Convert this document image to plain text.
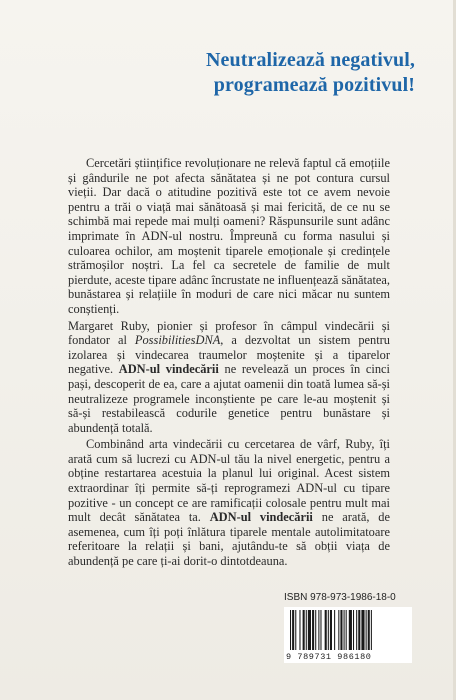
Neutralizează negativul,
programează pozitivul!

Cercetări științifice revoluționare ne relevă faptul că emoțiile și gândurile ne pot afecta sănătatea și ne pot contura cursul vieții. Dar dacă o atitudine pozitivă este tot ce avem nevoie pentru a trăi o viață mai sănătoasă și mai fericită, de ce nu se schimbă mai repede mai mulți oameni? Răspunsurile sunt adânc imprimate în ADN-ul nostru. Împreună cu forma nasului și culoarea ochilor, am moștenit tiparele emoționale și credințele strămoșilor noștri. La fel ca secretele de familie de mult pierdute, aceste tipare adânc încrustate ne influențează sănătatea, bunăstarea și relațiile în moduri de care nici măcar nu suntem conștienți.

Margaret Ruby, pionier și profesor în câmpul vindecării și fondator al PossibilitiesDNA, a dezvoltat un sistem pentru izolarea și vindecarea traumelor moștenite și a tiparelor negative. ADN-ul vindecării ne revelează un proces în cinci pași, descoperit de ea, care a ajutat oamenii din toată lumea să-și neutralizeze programele inconștiente pe care le-au moștenit și să-și restabilească codurile genetice pentru bunăstare și abundență totală.

Combinând arta vindecării cu cercetarea de vârf, Ruby, îți arată cum să lucrezi cu ADN-ul tău la nivel energetic, pentru a obține restartarea acestuia la planul lui original. Acest sistem extraordinar îți permite să-ți reprogramezi ADN-ul cu tipare pozitive - un concept ce are ramificații colosale pentru mult mai mult decât sănătatea ta. ADN-ul vindecării ne arată, de asemenea, cum îți poți înlătura tiparele mentale autolimitatoare referitoare la relații și bani, ajutându-te să obții viața de abundență pe care ți-ai dorit-o dintotdeauna.

ISBN 978-973-1986-18-0
9 789731 986180
